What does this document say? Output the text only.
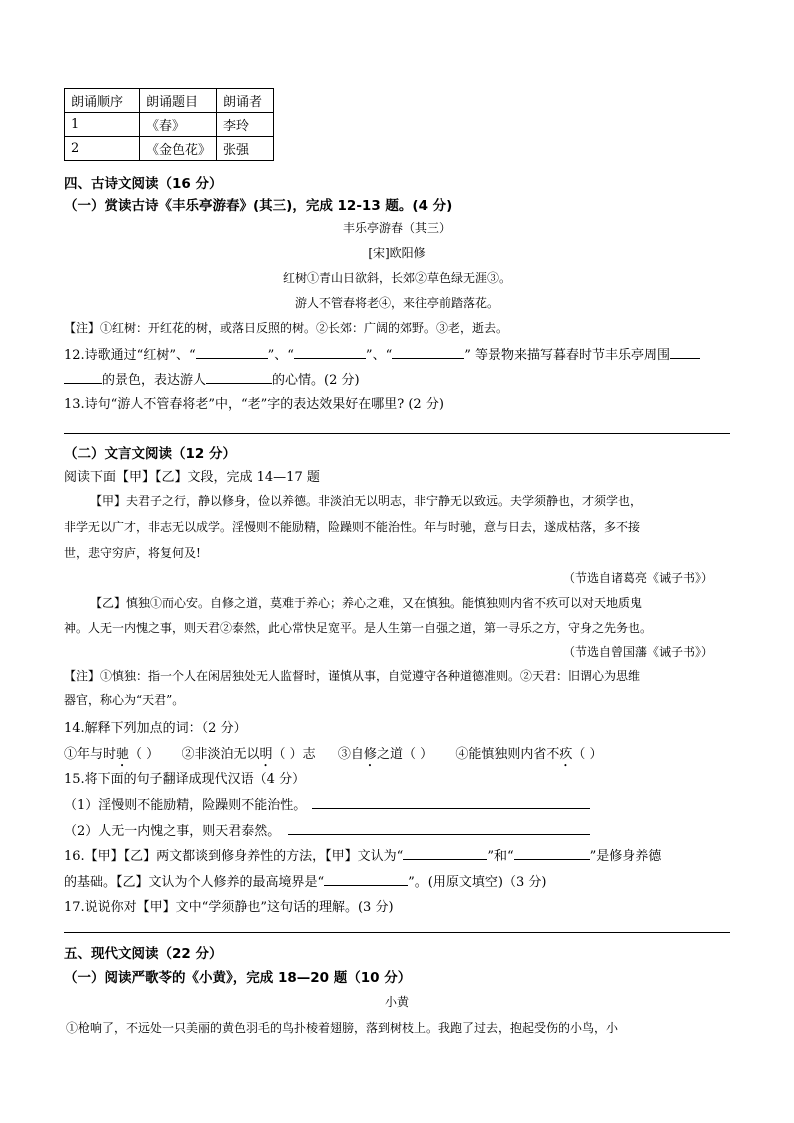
朗诵顺序	朗诵题目	朗诵者
1	《春》	李玲
2	《金色花》	张强
四、古诗文阅读（16 分）
（一）赏读古诗《丰乐亭游春》(其三)，完成 12-13 题。(4 分)
丰乐亭游春（其三）
[宋]欧阳修
红树①青山日欲斜，长郊②草色绿无涯③。
游人不管春将老④，来往亭前踏落花。
【注】①红树：开红花的树，或落日反照的树。②长郊：广阔的郊野。③老，逝去。
12.诗歌通过“红树”、“	”、“	”、“	” 等景物来描写暮春时节丰乐亭周围
的景色，表达游人	的心情。(2 分)
13.诗句“游人不管春将老”中，“老”字的表达效果好在哪里? (2 分)
（二）文言文阅读（12 分）
阅读下面【甲】【乙】文段，完成 14—17 题
【甲】夫君子之行，静以修身，俭以养德。非淡泊无以明志，非宁静无以致远。夫学须静也，才须学也，
非学无以广才，非志无以成学。淫慢则不能励精，险躁则不能治性。年与时驰，意与日去，遂成枯落，多不接
世，悲守穷庐，将复何及!
（节选自诸葛亮《诫子书》）
【乙】慎独①而心安。自修之道，莫难于养心；养心之难，又在慎独。能慎独则内省不疚可以对天地质鬼
神。人无一内愧之事，则天君②泰然，此心常快足宽平。是人生第一自强之道，第一寻乐之方，守身之先务也。
（节选自曾国藩《诫子书》）
【注】①慎独：指一个人在闲居独处无人监督时，谨慎从事，自觉遵守各种道德准则。②天君：旧谓心为思维
器官，称心为“天君”。
14.解释下列加点的词：（2 分）
①年与时驰（ ） ②非淡泊无以明（ ）志 ③自修之道（ ） ④能慎独则内省不疚（ ）
15.将下面的句子翻译成现代汉语（4 分）
（1）淫慢则不能励精，险躁则不能治性。
（2）人无一内愧之事，则天君泰然。
16.【甲】【乙】两文都谈到修身养性的方法，【甲】文认为“	”和“	”是修身养德
的基础。【乙】文认为个人修养的最高境界是“	”。(用原文填空)（3 分)
17.说说你对【甲】文中“学须静也”这句话的理解。(3 分)
五、现代文阅读（22 分）
（一）阅读严歌苓的《小黄》，完成 18—20 题（10 分）
小黄
①枪响了，不远处一只美丽的黄色羽毛的鸟扑棱着翅膀，落到树枝上。我跑了过去，抱起受伤的小鸟，小
